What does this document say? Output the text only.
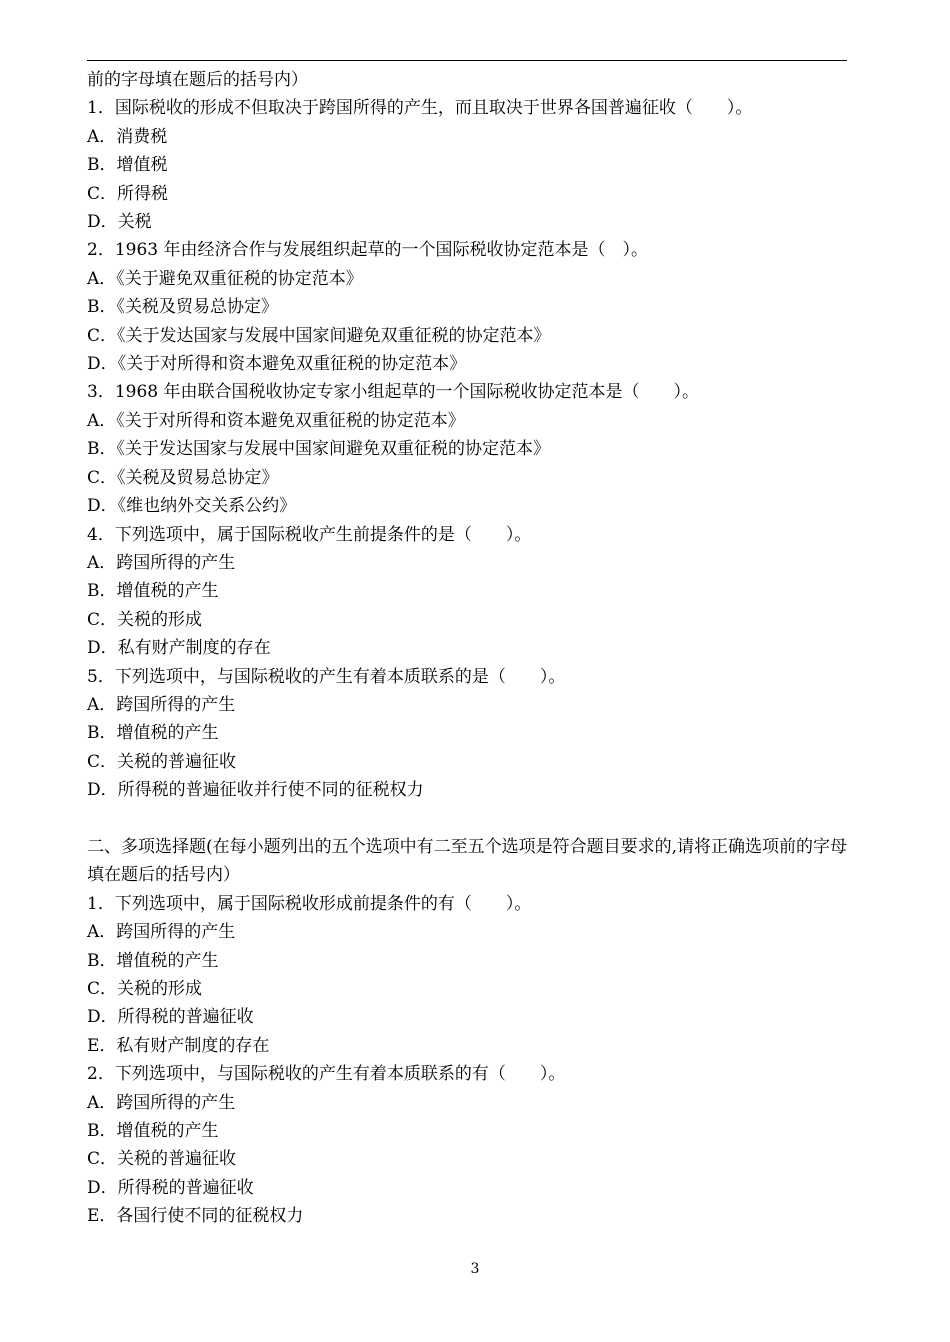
前的字母填在题后的括号内）
1．国际税收的形成不但取决于跨国所得的产生，而且取决于世界各国普遍征收（　　）。
A．消费税
B．增值税
C．所得税
D．关税
2．1963 年由经济合作与发展组织起草的一个国际税收协定范本是（　）。
A．《关于避免双重征税的协定范本》
B．《关税及贸易总协定》
C．《关于发达国家与发展中国家间避免双重征税的协定范本》
D．《关于对所得和资本避免双重征税的协定范本》
3．1968 年由联合国税收协定专家小组起草的一个国际税收协定范本是（　　）。
A．《关于对所得和资本避免双重征税的协定范本》
B．《关于发达国家与发展中国家间避免双重征税的协定范本》
C．《关税及贸易总协定》
D．《维也纳外交关系公约》
4．下列选项中，属于国际税收产生前提条件的是（　　）。
A．跨国所得的产生
B．增值税的产生
C．关税的形成
D．私有财产制度的存在
5．下列选项中，与国际税收的产生有着本质联系的是（　　）。
A．跨国所得的产生
B．增值税的产生
C．关税的普遍征收
D．所得税的普遍征收并行使不同的征税权力
二、多项选择题(在每小题列出的五个选项中有二至五个选项是符合题目要求的,请将正确选项前的字母填在题后的括号内）
1．下列选项中，属于国际税收形成前提条件的有（　　）。
A．跨国所得的产生
B．增值税的产生
C．关税的形成
D．所得税的普遍征收
E．私有财产制度的存在
2．下列选项中，与国际税收的产生有着本质联系的有（　　）。
A．跨国所得的产生
B．增值税的产生
C．关税的普遍征收
D．所得税的普遍征收
E．各国行使不同的征税权力
3
